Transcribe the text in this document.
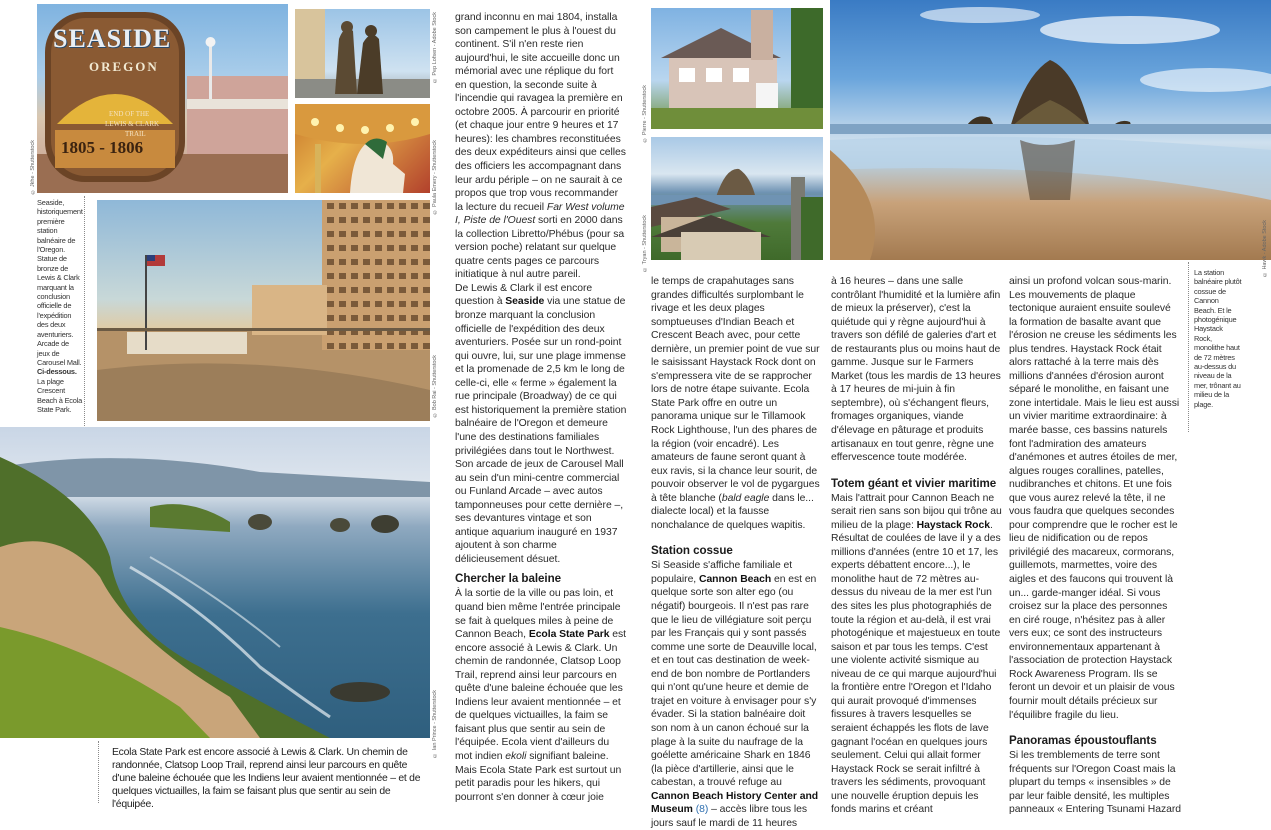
SEASIDE
OREGON
END OF THE
LEWIS & CLARK
TRAIL
1805 - 1806
© Jkhe - Shutterstock
© Pep Lofsen - Adobe Stock
© Paula Emery - Shutterstock
© Bob Rai - Shutterstock
© Ian Prince - Shutterstock
© Pierre - Shutterstock
© Tryan - Shutterstock	© Hawk - Adobe Stock
Seaside, historiquement première station balnéaire de l'Oregon. Statue de bronze de Lewis & Clark marquant la conclusion officielle de l'expédition des deux aventuriers. Arcade de jeux de Carousel Mall.
Ci-dessous.
La plage Crescent Beach à Ecola State Park.
La station balnéaire plutôt cossue de Cannon Beach. Et le photogénique Haystack Rock, monolithe haut de 72 mètres au-dessus du niveau de la mer, trônant au milieu de la plage.
Ecola State Park est encore associé à Lewis & Clark. Un chemin de randonnée, Clatsop Loop Trail, reprend ainsi leur parcours en quête d'une baleine échouée que les Indiens leur avaient mentionnée – et de quelques victuailles, la faim se faisant plus que sentir au sein de l'équipée.

grand inconnu en mai 1804, installa son campement le plus à l'ouest du continent. S'il n'en reste rien aujourd'hui, le site accueille donc un mémorial avec une réplique du fort en question, la seconde suite à l'incendie qui ravagea la première en octobre 2005. À parcourir en priorité (et chaque jour entre 9 heures et 17 heures): les chambres reconstituées des deux expéditeurs ainsi que celles des officiers les accompagnant dans leur ardu périple – on ne saurait à ce propos que trop vous recommander la lecture du recueil Far West volume I, Piste de l'Ouest sorti en 2000 dans la collection Libretto/Phébus (pour sa version poche) relatant sur quelque quatre cents pages ce parcours initiatique à nul autre pareil.

De Lewis & Clark il est encore question à Seaside via une statue de bronze marquant la conclusion officielle de l'expédition des deux aventuriers. Posée sur un rond-point qui ouvre, lui, sur une plage immense et la promenade de 2,5 km le long de celle-ci, elle « ferme » également la rue principale (Broadway) de ce qui est historiquement la première station balnéaire de l'Oregon et demeure l'une des destinations familiales privilégiées dans tout le Northwest. Son arcade de jeux de Carousel Mall au sein d'un mini-centre commercial ou Funland Arcade – avec autos tamponneuses pour cette dernière –, ses devantures vintage et son antique aquarium inauguré en 1937 ajoutent à son charme délicieusement désuet.

Chercher la baleine

À la sortie de la ville ou pas loin, et quand bien même l'entrée principale se fait à quelques miles à peine de Cannon Beach, Ecola State Park est encore associé à Lewis & Clark. Un chemin de randonnée, Clatsop Loop Trail, reprend ainsi leur parcours en quête d'une baleine échouée que les Indiens leur avaient mentionnée – et de quelques victuailles, la faim se faisant plus que sentir au sein de l'équipée. Ecola vient d'ailleurs du mot indien ekoli signifiant baleine. Mais Ecola State Park est surtout un petit paradis pour les hikers, qui pourront s'en donner à cœur joie

le temps de crapahutages sans grandes difficultés surplombant le rivage et les deux plages somptueuses d'Indian Beach et Crescent Beach avec, pour cette dernière, un premier point de vue sur le saisissant Haystack Rock dont on s'empressera vite de se rapprocher lors de notre étape suivante. Ecola State Park offre en outre un panorama unique sur le Tillamook Rock Lighthouse, l'un des phares de la région (voir encadré). Les amateurs de faune seront quant à eux ravis, si la chance leur sourit, de pouvoir observer le vol de pygargues à tête blanche (bald eagle dans le... dialecte local) et la fausse nonchalance de quelques wapitis.

Station cossue

Si Seaside s'affiche familiale et populaire, Cannon Beach en est en quelque sorte son alter ego (ou négatif) bourgeois. Il n'est pas rare que le lieu de villégiature soit perçu par les Français qui y sont passés comme une sorte de Deauville local, et en tout cas destination de week-end de bon nombre de Portlanders qui n'ont qu'une heure et demie de trajet en voiture à envisager pour s'y évader. Si la station balnéaire doit son nom à un canon échoué sur la plage à la suite du naufrage de la goélette américaine Shark en 1846 (la pièce d'artillerie, ainsi que le cabestan, a trouvé refuge au Cannon Beach History Center and Museum (8) – accès libre tous les jours sauf le mardi de 11 heures

à 16 heures – dans une salle contrôlant l'humidité et la lumière afin de mieux la préserver), c'est la quiétude qui y règne aujourd'hui à travers son défilé de galeries d'art et de restaurants plus ou moins haut de gamme. Jusque sur le Farmers Market (tous les mardis de 13 heures à 17 heures de mi-juin à fin septembre), où s'échangent fleurs, fromages organiques, viande d'élevage en pâturage et produits artisanaux en tout genre, règne une effervescence toute modérée.

Totem géant et vivier maritime

Mais l'attrait pour Cannon Beach ne serait rien sans son bijou qui trône au milieu de la plage: Haystack Rock. Résultat de coulées de lave il y a des millions d'années (entre 10 et 17, les experts débattent encore...), le monolithe haut de 72 mètres au-dessus du niveau de la mer est l'un des sites les plus photographiés de toute la région et au-delà, il est vrai photogénique et majestueux en toute saison et par tous les temps. C'est une violente activité sismique au niveau de ce qui marque aujourd'hui la frontière entre l'Oregon et l'Idaho qui aurait provoqué d'immenses fissures à travers lesquelles se seraient échappés les flots de lave gagnant l'océan en quelques jours seulement. Celui qui allait former Haystack Rock se serait infiltré à travers les sédiments, provoquant une nouvelle éruption depuis les fonds marins et créant

ainsi un profond volcan sous-marin. Les mouvements de plaque tectonique auraient ensuite soulevé la formation de basalte avant que l'érosion ne creuse les sédiments les plus tendres. Haystack Rock était alors rattaché à la terre mais dès millions d'années d'érosion auront séparé le monolithe, en faisant une zone intertidale. Mais le lieu est aussi un vivier maritime extraordinaire: à marée basse, ces bassins naturels font l'admiration des amateurs d'anémones et autres étoiles de mer, algues rouges corallines, patelles, nudibranches et chitons. Et une fois que vous aurez relevé la tête, il ne vous faudra que quelques secondes pour comprendre que le rocher est le lieu de nidification ou de repos privilégié des macareux, cormorans, guillemots, marmettes, voire des aigles et des faucons qui trouvent là un... garde-manger idéal. Si vous croisez sur la place des personnes en ciré rouge, n'hésitez pas à aller vers eux; ce sont des instructeurs environnementaux appartenant à l'association de protection Haystack Rock Awareness Program. Ils se feront un devoir et un plaisir de vous fournir moult détails précieux sur l'équilibre fragile du lieu.

Panoramas époustouflants

Si les tremblements de terre sont fréquents sur l'Oregon Coast mais la plupart du temps « insensibles » de par leur faible densité, les multiples panneaux « Entering Tsunami Hazard
